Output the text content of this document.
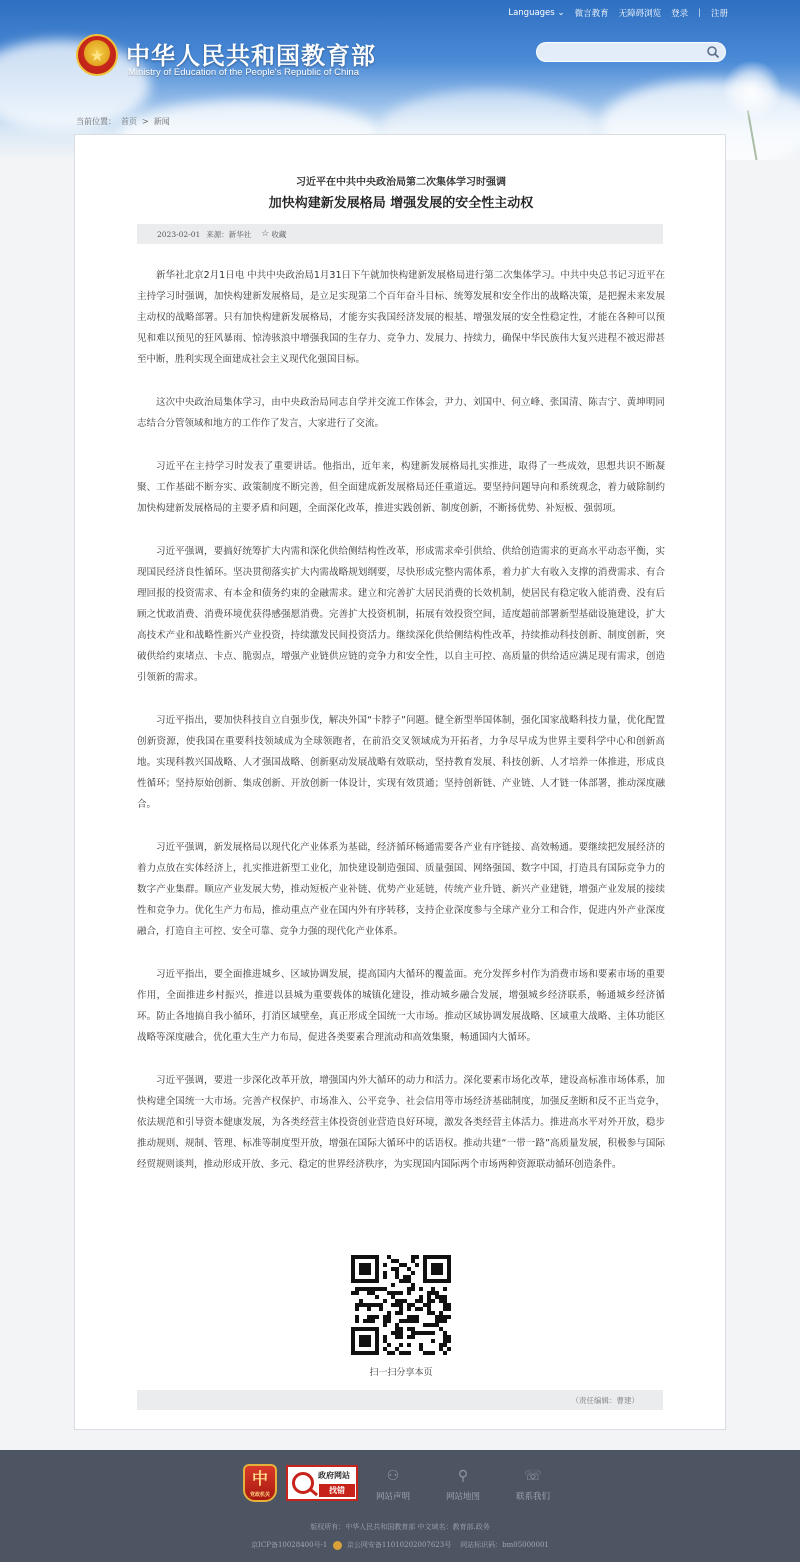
Languages ⌄ 微言教育 无障碍浏览 登录 | 注册
★ 中华人民共和国教育部
Ministry of Education of the People's Republic of China
当前位置： 首页 > 新闻
习近平在中共中央政治局第二次集体学习时强调
加快构建新发展格局 增强发展的安全性主动权
2023-02-01 来源：新华社 ☆ 收藏

新华社北京2月1日电 中共中央政治局1月31日下午就加快构建新发展格局进行第二次集体学习。中共中央总书记习近平在主持学习时强调，加快构建新发展格局，是立足实现第二个百年奋斗目标、统筹发展和安全作出的战略决策，是把握未来发展主动权的战略部署。只有加快构建新发展格局，才能夯实我国经济发展的根基、增强发展的安全性稳定性，才能在各种可以预见和难以预见的狂风暴雨、惊涛骇浪中增强我国的生存力、竞争力、发展力、持续力，确保中华民族伟大复兴进程不被迟滞甚至中断，胜利实现全面建成社会主义现代化强国目标。

这次中央政治局集体学习，由中央政治局同志自学并交流工作体会，尹力、刘国中、何立峰、张国清、陈吉宁、黄坤明同志结合分管领域和地方的工作作了发言，大家进行了交流。

习近平在主持学习时发表了重要讲话。他指出，近年来，构建新发展格局扎实推进，取得了一些成效，思想共识不断凝聚、工作基础不断夯实、政策制度不断完善，但全面建成新发展格局还任重道远。要坚持问题导向和系统观念，着力破除制约加快构建新发展格局的主要矛盾和问题，全面深化改革，推进实践创新、制度创新，不断扬优势、补短板、强弱项。

习近平强调，要搞好统筹扩大内需和深化供给侧结构性改革，形成需求牵引供给、供给创造需求的更高水平动态平衡，实现国民经济良性循环。坚决贯彻落实扩大内需战略规划纲要，尽快形成完整内需体系，着力扩大有收入支撑的消费需求、有合理回报的投资需求、有本金和债务约束的金融需求。建立和完善扩大居民消费的长效机制，使居民有稳定收入能消费、没有后顾之忧敢消费、消费环境优获得感强愿消费。完善扩大投资机制，拓展有效投资空间，适度超前部署新型基础设施建设，扩大高技术产业和战略性新兴产业投资，持续激发民间投资活力。继续深化供给侧结构性改革，持续推动科技创新、制度创新，突破供给约束堵点、卡点、脆弱点，增强产业链供应链的竞争力和安全性，以自主可控、高质量的供给适应满足现有需求，创造引领新的需求。

习近平指出，要加快科技自立自强步伐，解决外国“卡脖子”问题。健全新型举国体制，强化国家战略科技力量，优化配置创新资源，使我国在重要科技领域成为全球领跑者，在前沿交叉领域成为开拓者，力争尽早成为世界主要科学中心和创新高地。实现科教兴国战略、人才强国战略、创新驱动发展战略有效联动，坚持教育发展、科技创新、人才培养一体推进，形成良性循环；坚持原始创新、集成创新、开放创新一体设计，实现有效贯通；坚持创新链、产业链、人才链一体部署，推动深度融合。

习近平强调，新发展格局以现代化产业体系为基础，经济循环畅通需要各产业有序链接、高效畅通。要继续把发展经济的着力点放在实体经济上，扎实推进新型工业化，加快建设制造强国、质量强国、网络强国、数字中国，打造具有国际竞争力的数字产业集群。顺应产业发展大势，推动短板产业补链、优势产业延链，传统产业升链、新兴产业建链，增强产业发展的接续性和竞争力。优化生产力布局，推动重点产业在国内外有序转移，支持企业深度参与全球产业分工和合作，促进内外产业深度融合，打造自主可控、安全可靠、竞争力强的现代化产业体系。

习近平指出，要全面推进城乡、区域协调发展，提高国内大循环的覆盖面。充分发挥乡村作为消费市场和要素市场的重要作用，全面推进乡村振兴，推进以县城为重要载体的城镇化建设，推动城乡融合发展，增强城乡经济联系，畅通城乡经济循环。防止各地搞自我小循环，打消区域壁垒，真正形成全国统一大市场。推动区域协调发展战略、区域重大战略、主体功能区战略等深度融合，优化重大生产力布局，促进各类要素合理流动和高效集聚，畅通国内大循环。

习近平强调，要进一步深化改革开放，增强国内外大循环的动力和活力。深化要素市场化改革，建设高标准市场体系，加快构建全国统一大市场。完善产权保护、市场准入、公平竞争、社会信用等市场经济基础制度，加强反垄断和反不正当竞争，依法规范和引导资本健康发展，为各类经营主体投资创业营造良好环境，激发各类经营主体活力。推进高水平对外开放，稳步推动规则、规制、管理、标准等制度型开放，增强在国际大循环中的话语权。推动共建“一带一路”高质量发展，积极参与国际经贸规则谈判，推动形成开放、多元、稳定的世界经济秩序，为实现国内国际两个市场两种资源联动循环创造条件。

扫一扫分享本页
（责任编辑：曹建）
中
党政机关
政府网站
找错
⚇
网站声明
⚲
网站地图
☏
联系我们
版权所有：中华人民共和国教育部 中文域名：教育部.政务
京ICP备10028400号-1	京公网安备11010202007623号 网站标识码：bm05000001
